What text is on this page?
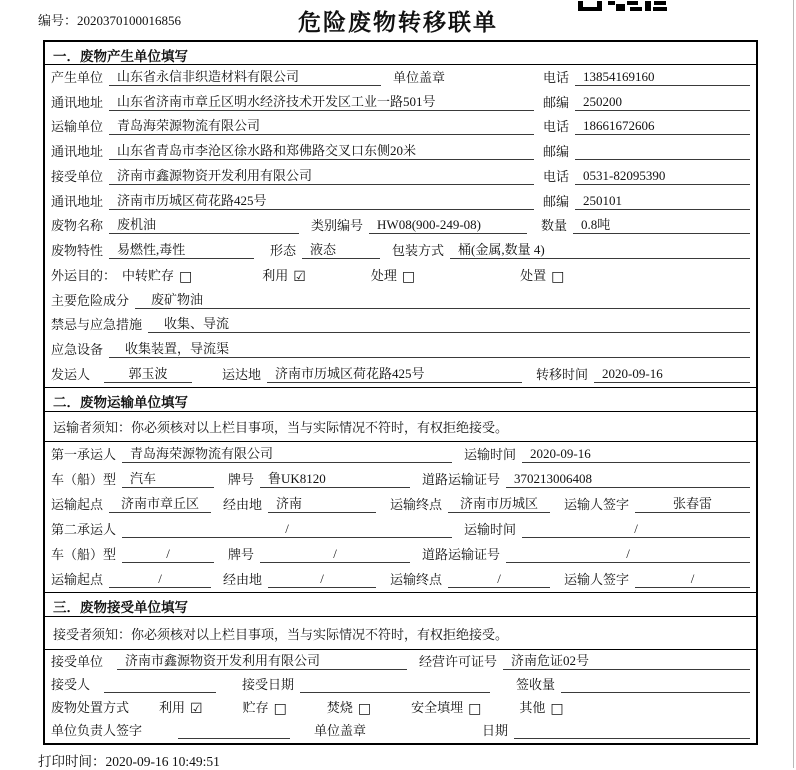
编号：2020370100016856	危险废物转移联单
一．废物产生单位填写
产生单位	山东省永信非织造材料有限公司	单位盖章	电话	13854169160
通讯地址	山东省济南市章丘区明水经济技术开发区工业一路501号	邮编	250200
运输单位	青岛海荣源物流有限公司	电话	18661672606
通讯地址	山东省青岛市李沧区徐水路和郑佛路交叉口东侧20米	邮编
接受单位	济南市鑫源物资开发利用有限公司	电话	0531-82095390
通讯地址	济南市历城区荷花路425号	邮编	250101
废物名称	废机油	类别编号	HW08(900-249-08)	数量	0.8吨
废物特性	易燃性,毒性	形态	液态	包装方式	桶(金属,数量 4)
外运目的： 中转贮存 □	利用 ☑	处理 □	处置 □
主要危险成分	废矿物油
禁忌与应急措施	收集、导流
应急设备	收集装置，导流渠
发运人	郭玉波	运达地	济南市历城区荷花路425号	转移时间	2020-09-16
二．废物运输单位填写
运输者须知：你必须核对以上栏目事项，当与实际情况不符时，有权拒绝接受。
第一承运人	青岛海荣源物流有限公司	运输时间	2020-09-16
车（船）型	汽车	牌号	鲁UK8120	道路运输证号	370213006408
运输起点	济南市章丘区	经由地	济南	运输终点	济南市历城区	运输人签字	张春雷
第二承运人	/	运输时间	/
车（船）型	/	牌号	/	道路运输证号	/
运输起点	/	经由地	/	运输终点	/	运输人签字	/
三．废物接受单位填写
接受者须知：你必须核对以上栏目事项，当与实际情况不符时，有权拒绝接受。
接受单位	济南市鑫源物资开发利用有限公司	经营许可证号	济南危证02号
接受人	接受日期	签收量
废物处置方式 利用 ☑	贮存 □	焚烧 □	安全填埋 □	其他 □
单位负责人签字	单位盖章	日期
打印时间：2020-09-16 10:49:51
